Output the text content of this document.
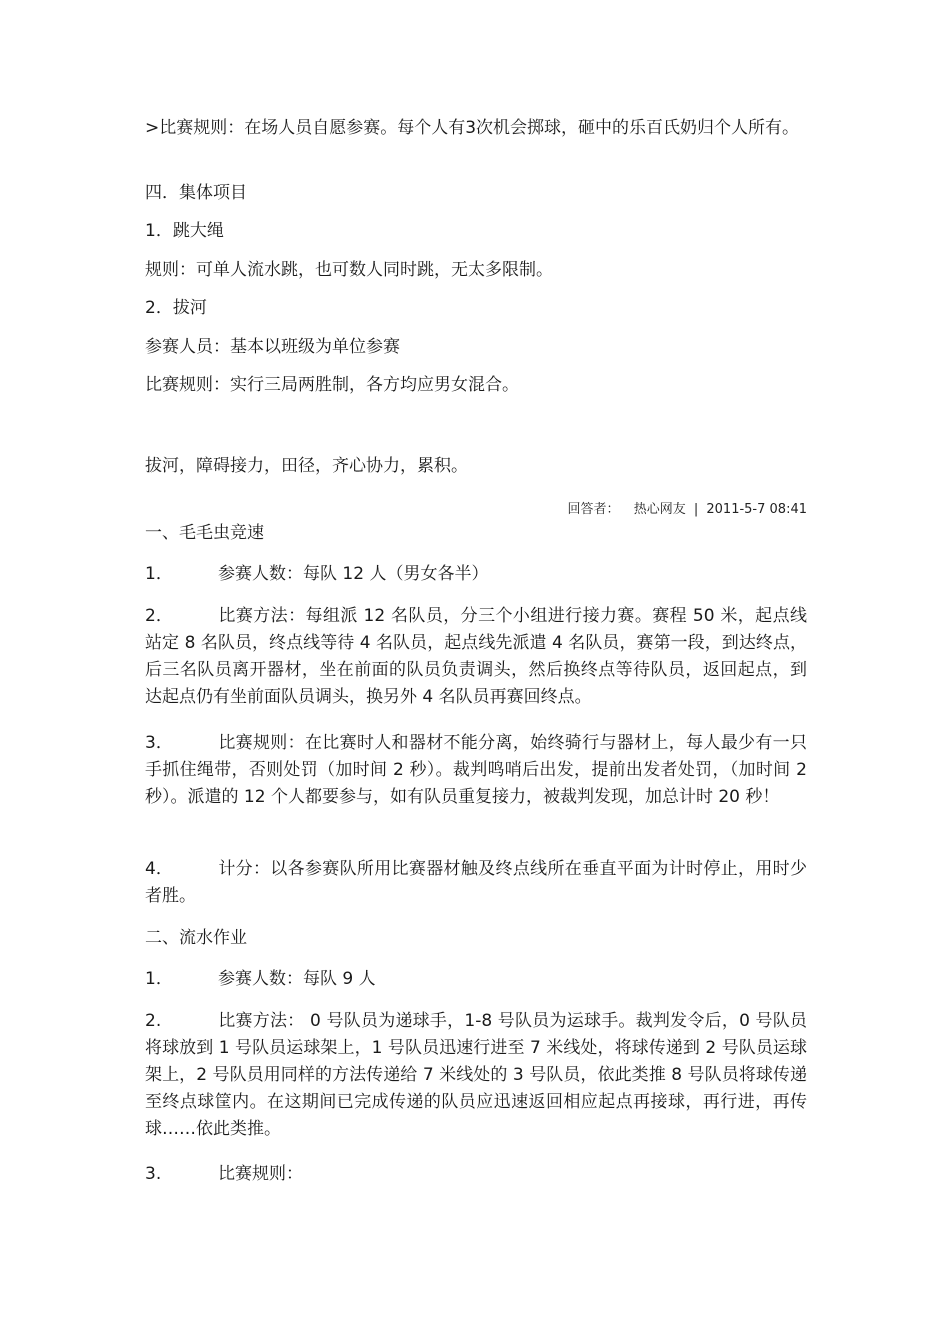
>比赛规则：在场人员自愿参赛。每个人有3次机会掷球，砸中的乐百氏奶归个人所有。

四．集体项目

1．跳大绳

规则：可单人流水跳，也可数人同时跳，无太多限制。

2．拔河

参赛人员：基本以班级为单位参赛

比赛规则：实行三局两胜制，各方均应男女混合。

拔河，障碍接力，田径，齐心协力，累积。

回答者： 热心网友 | 2011-5-7 08:41

一、毛毛虫竞速

1．	参赛人数：每队 12 人（男女各半）

2．	比赛方法：每组派 12 名队员，分三个小组进行接力赛。赛程 50 米，起点线站定 8 名队员，终点线等待 4 名队员，起点线先派遣 4 名队员，赛第一段，到达终点，后三名队员离开器材，坐在前面的队员负责调头，然后换终点等待队员，返回起点，到达起点仍有坐前面队员调头，换另外 4 名队员再赛回终点。

3．	比赛规则：在比赛时人和器材不能分离，始终骑行与器材上，每人最少有一只手抓住绳带，否则处罚（加时间 2 秒）。裁判鸣哨后出发，提前出发者处罚，（加时间 2 秒）。派遣的 12 个人都要参与，如有队员重复接力，被裁判发现，加总计时 20 秒！

4．	计分：以各参赛队所用比赛器材触及终点线所在垂直平面为计时停止，用时少者胜。

二、流水作业

1．	参赛人数：每队 9 人

2.	比赛方法： 0 号队员为递球手，1-8 号队员为运球手。裁判发令后，0 号队员将球放到 1 号队员运球架上，1 号队员迅速行进至 7 米线处，将球传递到 2 号队员运球架上，2 号队员用同样的方法传递给 7 米线处的 3 号队员，依此类推 8 号队员将球传递至终点球筐内。在这期间已完成传递的队员应迅速返回相应起点再接球，再行进，再传球……依此类推。

3.	比赛规则：
